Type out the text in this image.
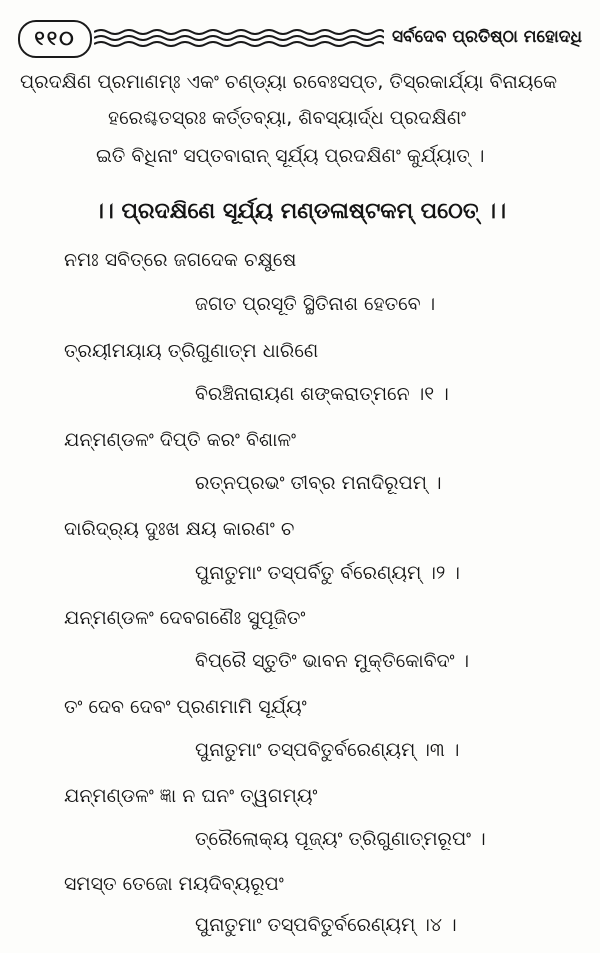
୧୧୦	ସର୍ବଦେବ ପ୍ରତିଷ୍ଠା ମହୋଦଧି
ପ୍ରଦକ୍ଷିଣ ପ୍ରମାଣମ୍ଃ ଏକଂ ଚଣ୍ଡ୍ୟା ରବେଃସପ୍ତ, ତିସ୍ରକାର୍ଯ୍ୟା ବିନାୟକେ
ହରେଶ୍ଚତସ୍ରଃ କର୍ତ୍ତବ୍ୟା, ଶିବସ୍ୟାର୍ଦ୍ଧ ପ୍ରଦକ୍ଷିଣଂ
ଇତି ବିଧିନାଂ ସପ୍ତବାରାନ୍ ସୂର୍ଯ୍ୟ ପ୍ରଦକ୍ଷିଣଂ କୁର୍ଯ୍ୟାତ୍ ।
।। ପ୍ରଦକ୍ଷିଣେ ସୂର୍ଯ୍ୟ ମଣ୍ଡଳାଷ୍ଟକମ୍ ପଠେତ୍ ।।
ନମଃ ସବିତ୍ରେ ଜଗଦେକ ଚକ୍ଷୁଷେ
ଜଗତ ପ୍ରସୂତି ସ୍ଥିତିନାଶ ହେତବେ ।
ତ୍ରୟୀମୟାୟ ତ୍ରିଗୁଣାତ୍ମ ଧାରିଣେ
ବିରଞ୍ଚିନାରାୟଣ ଶଙ୍କରାତ୍ମନେ ।୧ ।
ଯନ୍ମଣ୍ଡଳଂ ଦିପ୍ତି କରଂ ବିଶାଳଂ
ରତ୍ନପ୍ରଭଂ ତୀବ୍ର ମନାଦିରୂପମ୍ ।
ଦାରିଦ୍ର୍ୟ ଦୁଃଖ କ୍ଷୟ କାରଣଂ ଚ
ପୁନାତୁମାଂ ତସ୍ପର୍ବିତୁ ର୍ବରେଣ୍ୟମ୍ ।୨ ।
ଯନ୍ମଣ୍ଡଳଂ ଦେବଗଣୈଃ ସୁପୂଜିତଂ
ବିପ୍ରୈ ସ୍ତୁତିଂ ଭାବନ ମୁକ୍ତିକୋବିଦଂ ।
ତଂ ଦେବ ଦେବଂ ପ୍ରଣମାମି ସୂର୍ଯ୍ୟଂ
ପୁନାତୁମାଂ ତସ୍ପବିତୁର୍ବରେଣ୍ୟମ୍ ।୩ ।
ଯନ୍ମଣ୍ଡଳଂ ଜ୍ଞା ନ ଘନଂ ତ୍ୱଗମ୍ୟଂ
ତ୍ରୈଲୋକ୍ୟ ପୂଜ୍ୟଂ ତ୍ରିଗୁଣାତ୍ମରୂପଂ ।
ସମସ୍ତ ତେଜୋ ମୟଦିବ୍ୟରୂପଂ
ପୁନାତୁମାଂ ତସ୍ପବିତୁର୍ବରେଣ୍ୟମ୍ ।୪ ।
